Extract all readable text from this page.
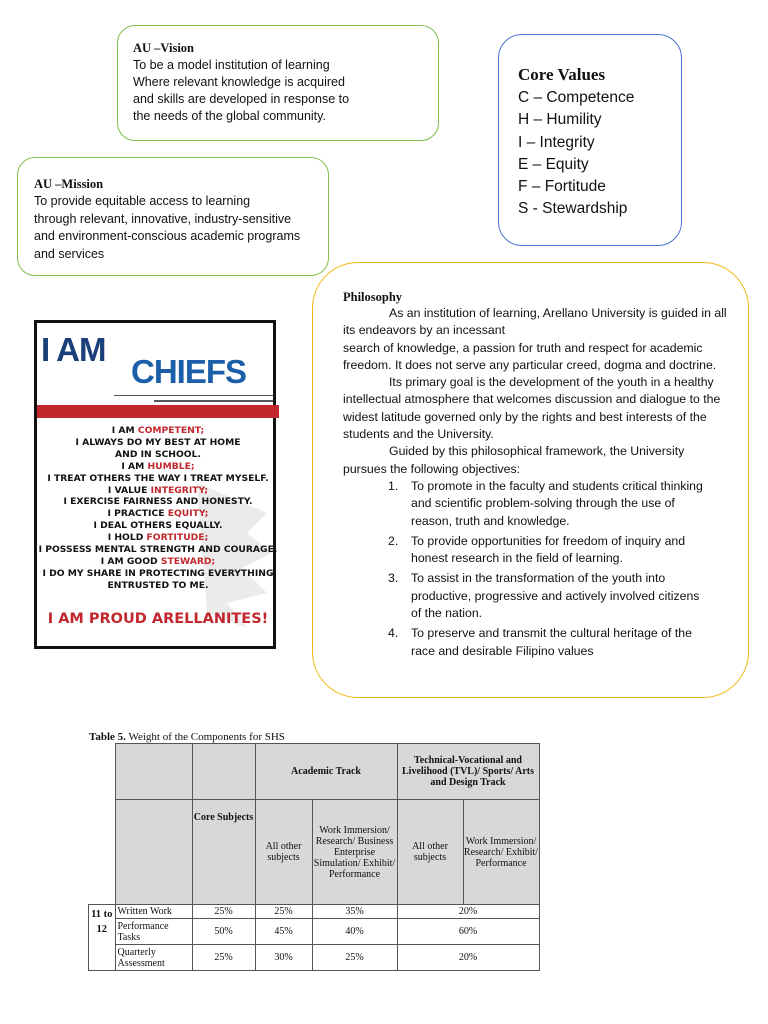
AU –Vision
To be a model institution of learning
Where relevant knowledge is acquired
and skills are developed in response to
the needs of the global community.
AU –Mission
To provide equitable access to learning
through relevant, innovative, industry-sensitive
and environment-conscious academic programs
and services
Core Values
C – Competence
H – Humility
I – Integrity
E – Equity
F – Fortitude
S - Stewardship
Philosophy
As an institution of learning, Arellano University is guided in all its endeavors by an incessant
search of knowledge, a passion for truth and respect for academic freedom. It does not serve any particular creed, dogma and doctrine.
Its primary goal is the development of the youth in a healthy intellectual atmosphere that welcomes discussion and dialogue to the widest latitude governed only by the rights and best interests of the students and the University.
Guided by this philosophical framework, the University pursues the following objectives:
1. To promote in the faculty and students critical thinking and scientific problem-solving through the use of reason, truth and knowledge.
2. To provide opportunities for freedom of inquiry and honest research in the field of learning.
3. To assist in the transformation of the youth into productive, progressive and actively involved citizens of the nation.
4. To preserve and transmit the cultural heritage of the race and desirable Filipino values
I AM
CHIEFS
I AM COMPETENT;
I ALWAYS DO MY BEST AT HOME
AND IN SCHOOL.
I AM HUMBLE;
I TREAT OTHERS THE WAY I TREAT MYSELF.
I VALUE INTEGRITY;
I EXERCISE FAIRNESS AND HONESTY.
I PRACTICE EQUITY;
I DEAL OTHERS EQUALLY.
I HOLD FORTITUDE;
I POSSESS MENTAL STRENGTH AND COURAGE.
I AM GOOD STEWARD;
I DO MY SHARE IN PROTECTING EVERYTHING
ENTRUSTED TO ME.
I AM PROUD ARELLANITES!
Table 5. Weight of the Components for SHS
			Academic Track		Technical-Vocational and Livelihood (TVL)/ Sports/ Arts and Design Track	
		Core Subjects	All other subjects	Work Immersion/ Research/ Business Enterprise Simulation/ Exhibit/ Performance	All other subjects	Work Immersion/ Research/ Exhibit/ Performance
11 to 12	Written Work	25%	25%	35%	20%	
	Performance Tasks	50%	45%	40%	60%	
	Quarterly Assessment	25%	30%	25%	20%	
